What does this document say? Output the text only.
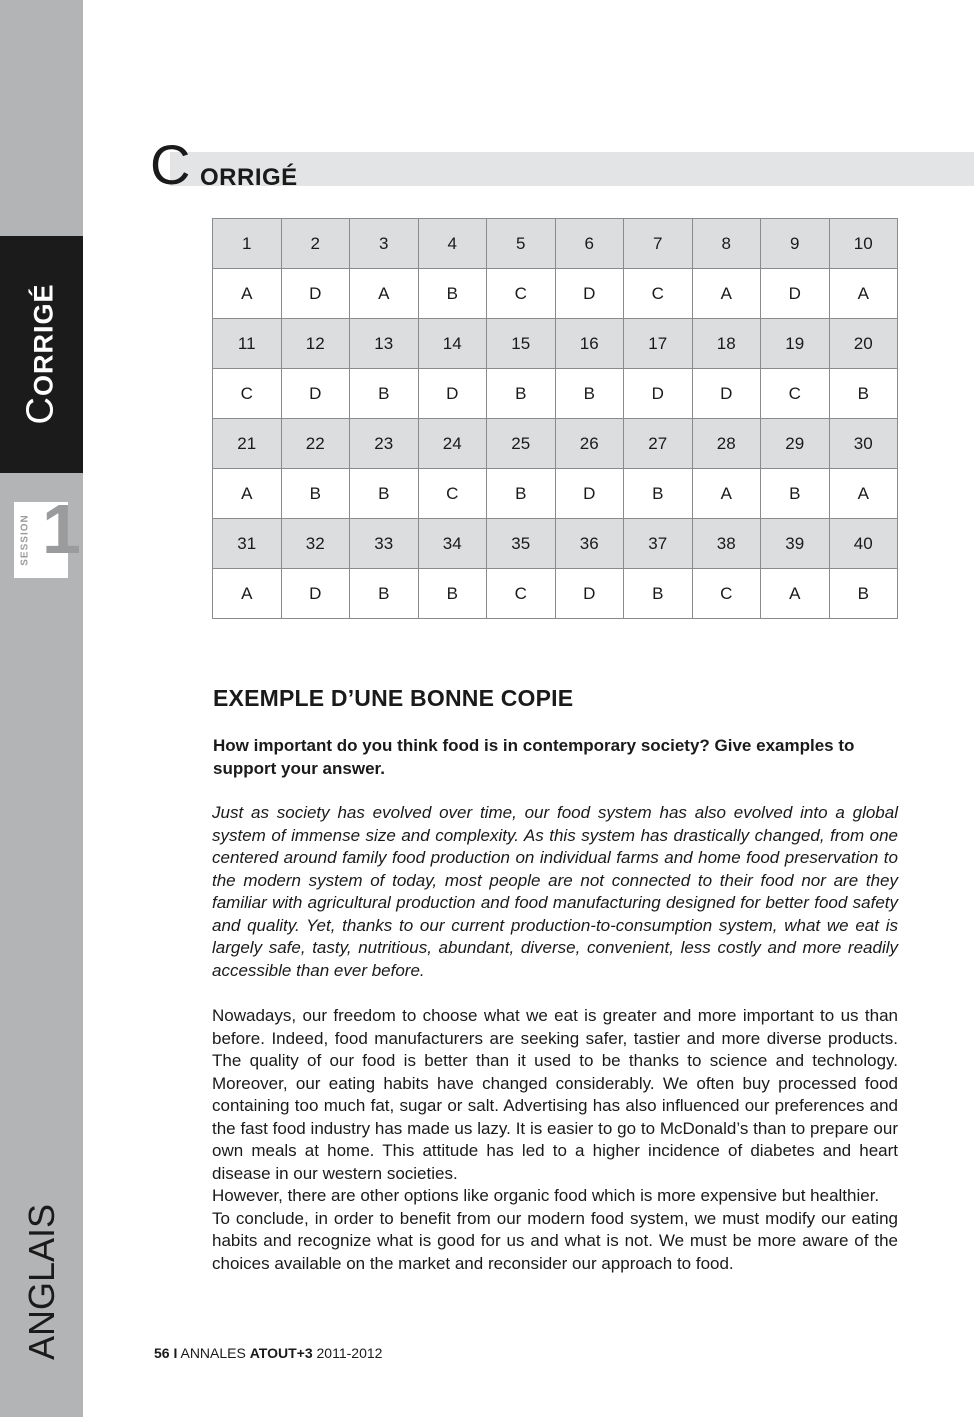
CORRIGÉ
SESSION 1
ANGLAIS
C ORRIGÉ
1	2	3	4	5	6	7	8	9	10
A	D	A	B	C	D	C	A	D	A
11	12	13	14	15	16	17	18	19	20
C	D	B	D	B	B	D	D	C	B
21	22	23	24	25	26	27	28	29	30
A	B	B	C	B	D	B	A	B	A
31	32	33	34	35	36	37	38	39	40
A	D	B	B	C	D	B	C	A	B
EXEMPLE D’UNE BONNE COPIE
How important do you think food is in contemporary society? Give examples to support your answer.
Just as society has evolved over time, our food system has also evolved into a global system of immense size and complexity. As this system has drastically changed, from one centered around family food production on individual farms and home food preservation to the modern system of today, most people are not connected to their food nor are they familiar with agricultural production and food manufacturing designed for better food safety and quality. Yet, thanks to our current production-to-consumption system, what we eat is largely safe, tasty, nutritious, abundant, diverse, convenient, less costly and more readily accessible than ever before.

Nowadays, our freedom to choose what we eat is greater and more important to us than before. Indeed, food manufacturers are seeking safer, tastier and more diverse products. The quality of our food is better than it used to be thanks to science and technology. Moreover, our eating habits have changed considerably. We often buy processed food containing too much fat, sugar or salt. Advertising has also influenced our preferences and the fast food industry has made us lazy. It is easier to go to McDonald’s than to prepare our own meals at home. This attitude has led to a higher incidence of diabetes and heart disease in our western societies.

However, there are other options like organic food which is more expensive but healthier.

To conclude, in order to benefit from our modern food system, we must modify our eating habits and recognize what is good for us and what is not. We must be more aware of the choices available on the market and reconsider our approach to food.

56 I ANNALES ATOUT+3 2011-2012
